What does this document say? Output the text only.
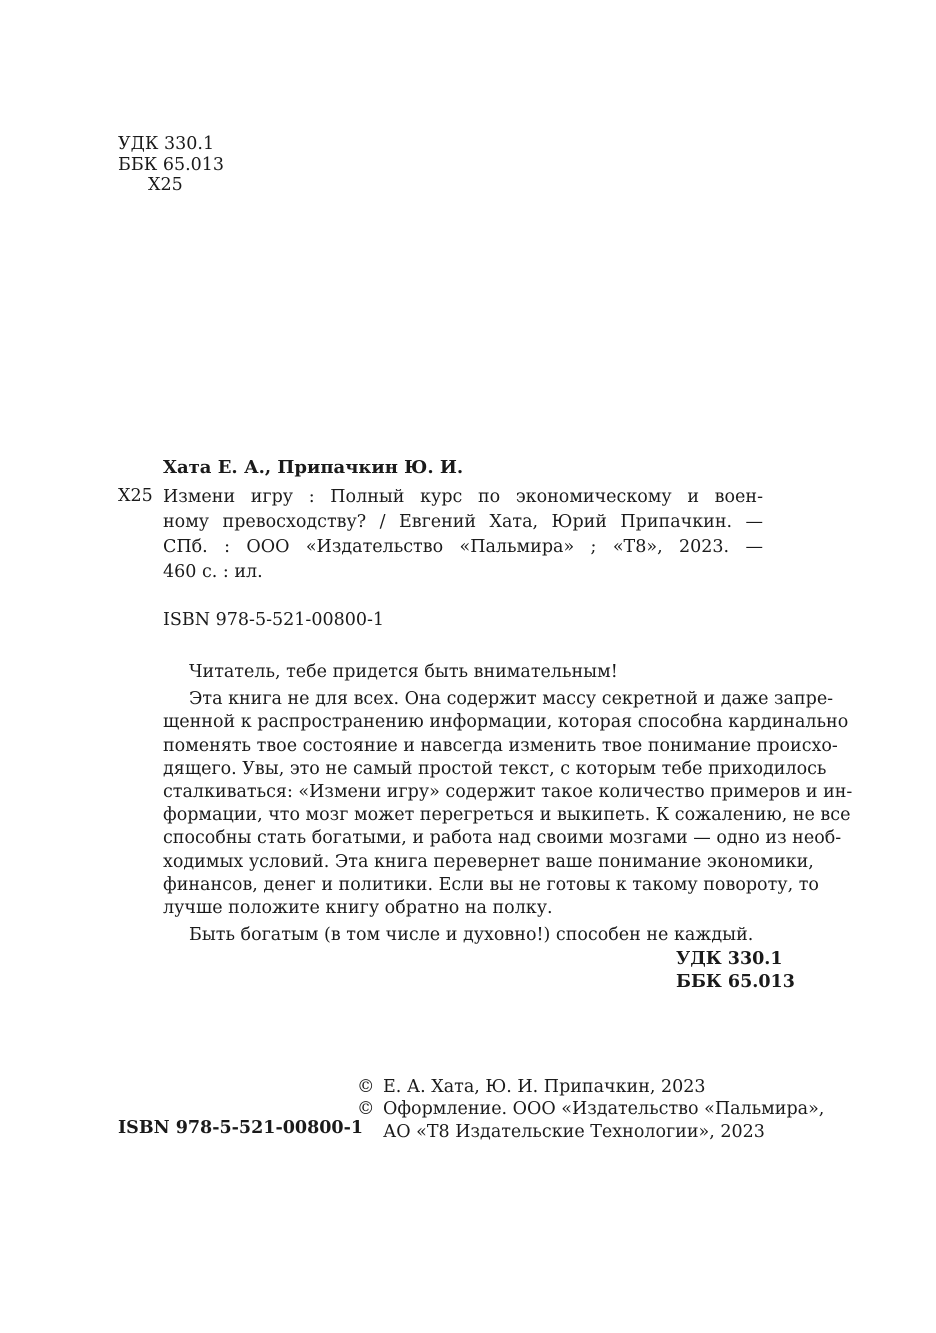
УДК 330.1
ББК 65.013
Х25
Хата Е. А., Припачкин Ю. И.
Х25 Измени игру : Полный курс по экономическому и воен-
ному превосходству? / Евгений Хата, Юрий Припачкин. —
СПб. : ООО «Издательство «Пальмира» ; «Т8», 2023. —
460 с. : ил.
ISBN 978-5-521-00800-1
Читатель, тебе придется быть внимательным!
Эта книга не для всех. Она содержит массу секретной и даже запре-
щенной к распространению информации, которая способна кардинально
поменять твое состояние и навсегда изменить твое понимание происхо-
дящего. Увы, это не самый простой текст, с которым тебе приходилось
сталкиваться: «Измени игру» содержит такое количество примеров и ин-
формации, что мозг может перегреться и выкипеть. К сожалению, не все
способны стать богатыми, и работа над своими мозгами — одно из необ-
ходимых условий. Эта книга перевернет ваше понимание экономики,
финансов, денег и политики. Если вы не готовы к такому повороту, то
лучше положите книгу обратно на полку.
Быть богатым (в том числе и духовно!) способен не каждый.
УДК 330.1
ББК 65.013
© Е. А. Хата, Ю. И. Припачкин, 2023
© Оформление. ООО «Издательство «Пальмира»,
АО «Т8 Издательские Технологии», 2023
ISBN 978-5-521-00800-1
